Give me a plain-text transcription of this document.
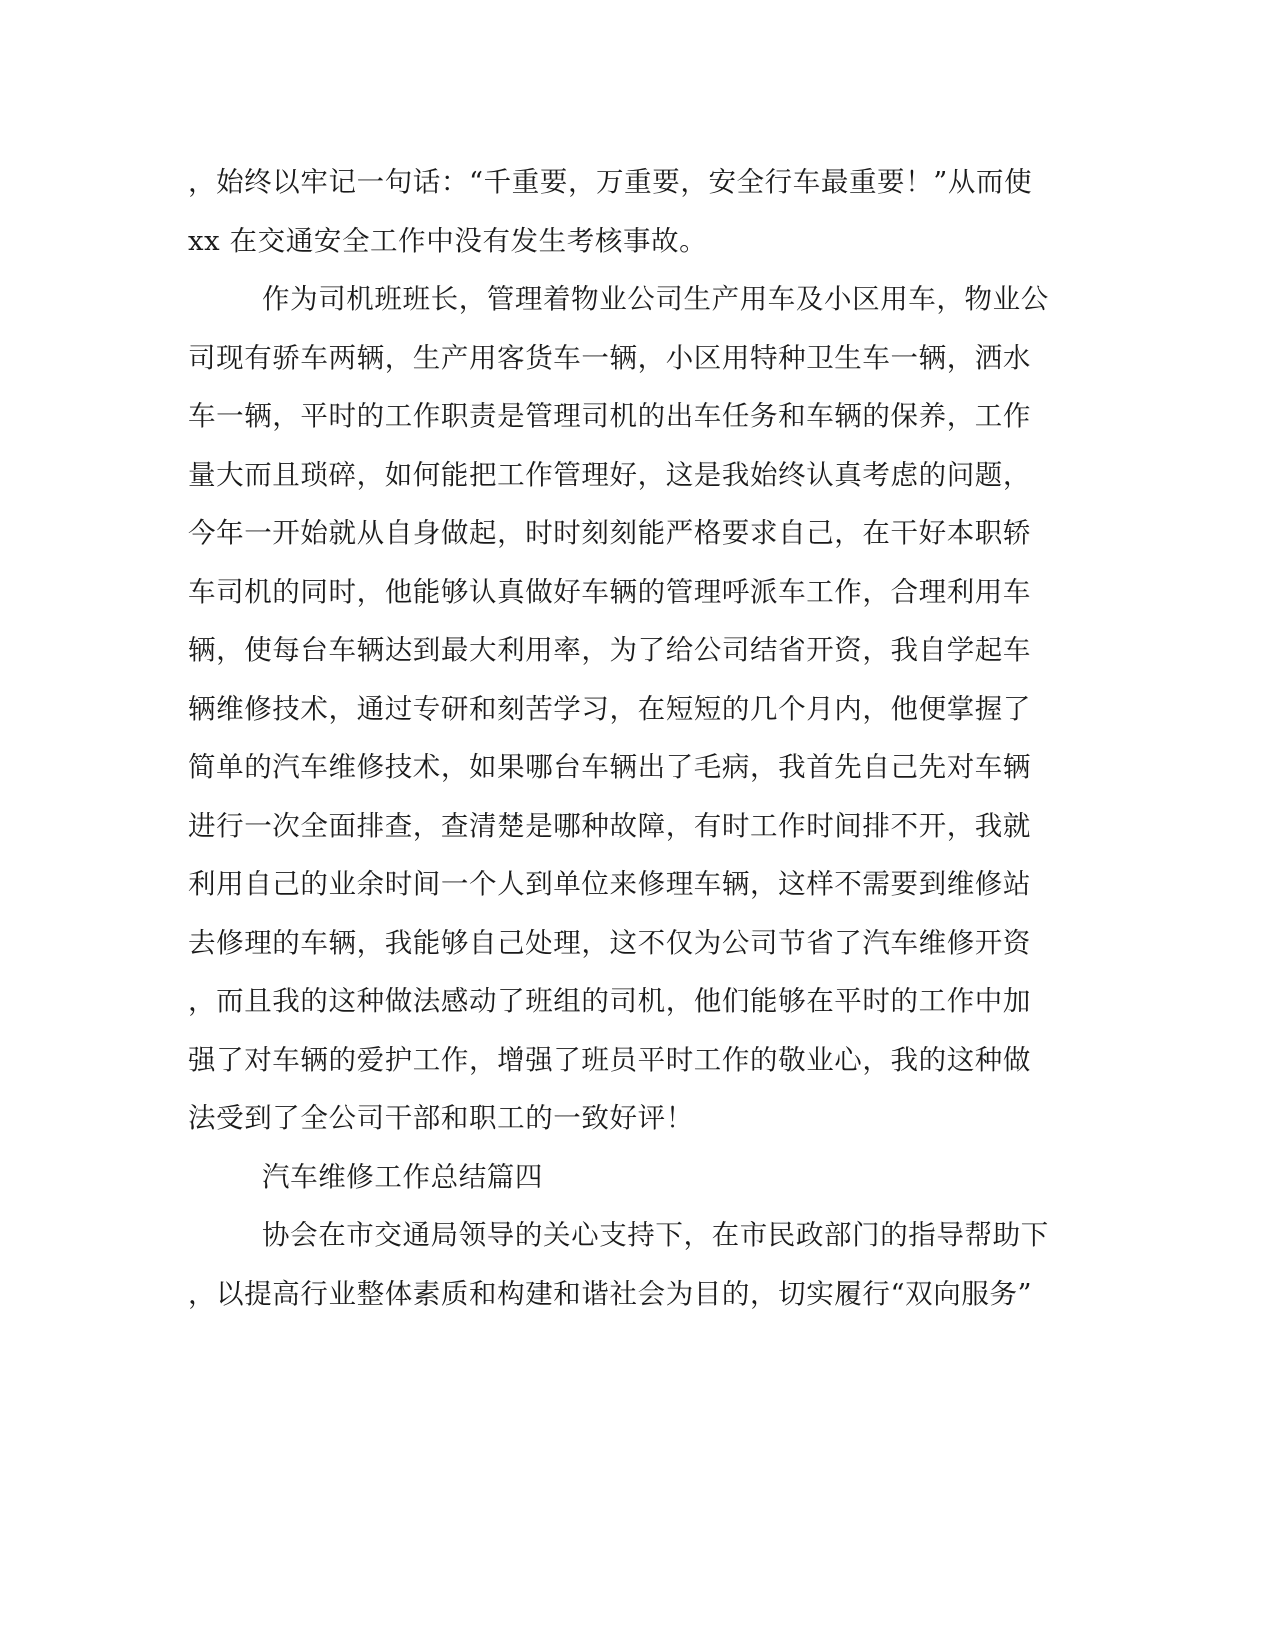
，始终以牢记一句话：“千重要，万重要，安全行车最重要！”从而使
xx 在交通安全工作中没有发生考核事故。
作为司机班班长，管理着物业公司生产用车及小区用车，物业公
司现有骄车两辆，生产用客货车一辆，小区用特种卫生车一辆，洒水
车一辆，平时的工作职责是管理司机的出车任务和车辆的保养，工作
量大而且琐碎，如何能把工作管理好，这是我始终认真考虑的问题，
今年一开始就从自身做起，时时刻刻能严格要求自己，在干好本职轿
车司机的同时，他能够认真做好车辆的管理呼派车工作，合理利用车
辆，使每台车辆达到最大利用率，为了给公司结省开资，我自学起车
辆维修技术，通过专研和刻苦学习，在短短的几个月内，他便掌握了
简单的汽车维修技术，如果哪台车辆出了毛病，我首先自己先对车辆
进行一次全面排查，查清楚是哪种故障，有时工作时间排不开，我就
利用自己的业余时间一个人到单位来修理车辆，这样不需要到维修站
去修理的车辆，我能够自己处理，这不仅为公司节省了汽车维修开资
，而且我的这种做法感动了班组的司机，他们能够在平时的工作中加
强了对车辆的爱护工作，增强了班员平时工作的敬业心，我的这种做
法受到了全公司干部和职工的一致好评！
汽车维修工作总结篇四
协会在市交通局领导的关心支持下，在市民政部门的指导帮助下
，以提高行业整体素质和构建和谐社会为目的，切实履行“双向服务”
